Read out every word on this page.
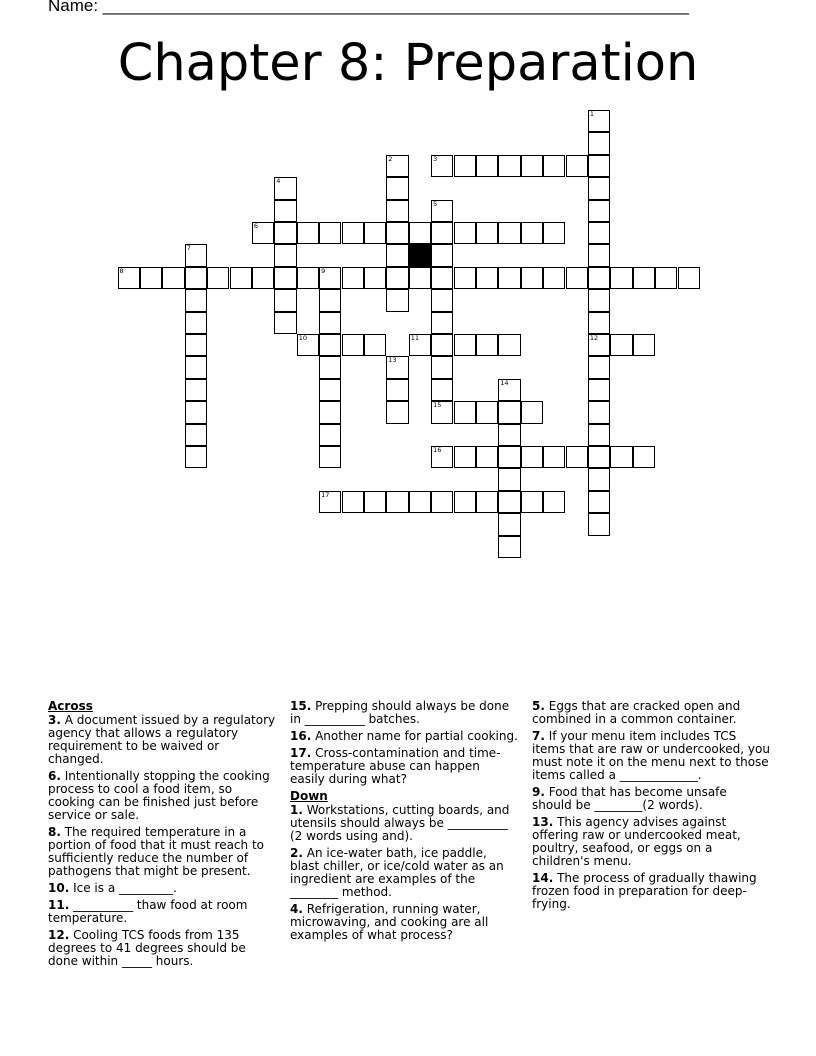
Name: ______________________________________________________________
Chapter 8: Preparation
1
12
2	3
4
5
6
7
8	9
10	11
13
14
15
16
17
Across
3. A document issued by a regulatory agency that allows a regulatory requirement to be waived or changed.
6. Intentionally stopping the cooking process to cool a food item, so cooking can be finished just before service or sale.
8. The required temperature in a portion of food that it must reach to sufficiently reduce the number of pathogens that might be present.
10. Ice is a _________.
11. __________ thaw food at room temperature.
12. Cooling TCS foods from 135 degrees to 41 degrees should be done within _____ hours.
15. Prepping should always be done in __________ batches.
16. Another name for partial cooking.
17. Cross-contamination and time-temperature abuse can happen easily during what?
Down
1. Workstations, cutting boards, and utensils should always be __________ (2 words using and).
2. An ice-water bath, ice paddle, blast chiller, or ice/cold water as an ingredient are examples of the ________ method.
4. Refrigeration, running water, microwaving, and cooking are all examples of what process?
5. Eggs that are cracked open and combined in a common container.
7. If your menu item includes TCS items that are raw or undercooked, you must note it on the menu next to those items called a _____________.
9. Food that has become unsafe should be ________(2 words).
13. This agency advises against offering raw or undercooked meat, poultry, seafood, or eggs on a children's menu.
14. The process of gradually thawing frozen food in preparation for deep-frying.
